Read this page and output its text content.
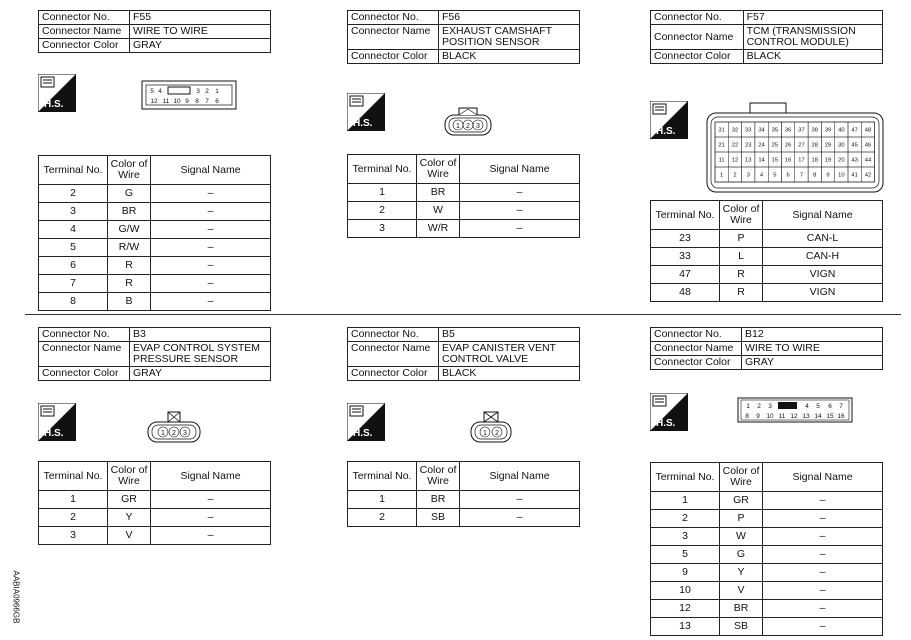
Connector No.	F55
Connector Name	WIRE TO WIRE
Connector Color	GRAY
H.S.
5 4	3 2 1
12 11 10 9 8 7 6
Terminal No.	Color of Wire	Signal Name
2	G	–
3	BR	–
4	G/W	–
5	R/W	–
6	R	–
7	R	–
8	B	–
Connector No.	F56
Connector Name	EXHAUST CAMSHAFT POSITION SENSOR
Connector Color	BLACK
H.S.	1 2 3
Terminal No.	Color of Wire	Signal Name
1	BR	–
2	W	–
3	W/R	–
Connector No.	F57
Connector Name	TCM (TRANSMISSION CONTROL MODULE)
Connector Color	BLACK
H.S.	31 32 33 34 35 36 37 38 39 40 47 48
21 22 23 24 25 26 27 28 29 30 45 46
11 12 13 14 15 16 17 18 19 20 43 44
1 2 3 4 5 6 7 8 9 10 41 42
Terminal No.	Color of Wire	Signal Name
23	P	CAN-L
33	L	CAN-H
47	R	VIGN
48	R	VIGN
Connector No.	B3
Connector Name	EVAP CONTROL SYSTEM PRESSURE SENSOR
Connector Color	GRAY
H.S.	1 2 3
Terminal No.	Color of Wire	Signal Name
1	GR	–
2	Y	–
3	V	–
Connector No.	B5
Connector Name	EVAP CANISTER VENT CONTROL VALVE
Connector Color	BLACK
H.S.	1 2
Terminal No.	Color of Wire	Signal Name
1	BR	–
2	SB	–
Connector No.	B12
Connector Name	WIRE TO WIRE
Connector Color	GRAY
H.S.
1 2 3	4 5 6 7
8 9 10 11 12 13 14 15 16
Terminal No.	Color of Wire	Signal Name
1	GR	–
2	P	–
3	W	–
5	G	–
9	Y	–
10	V	–
12	BR	–
13	SB	–
AABIA0966GB
